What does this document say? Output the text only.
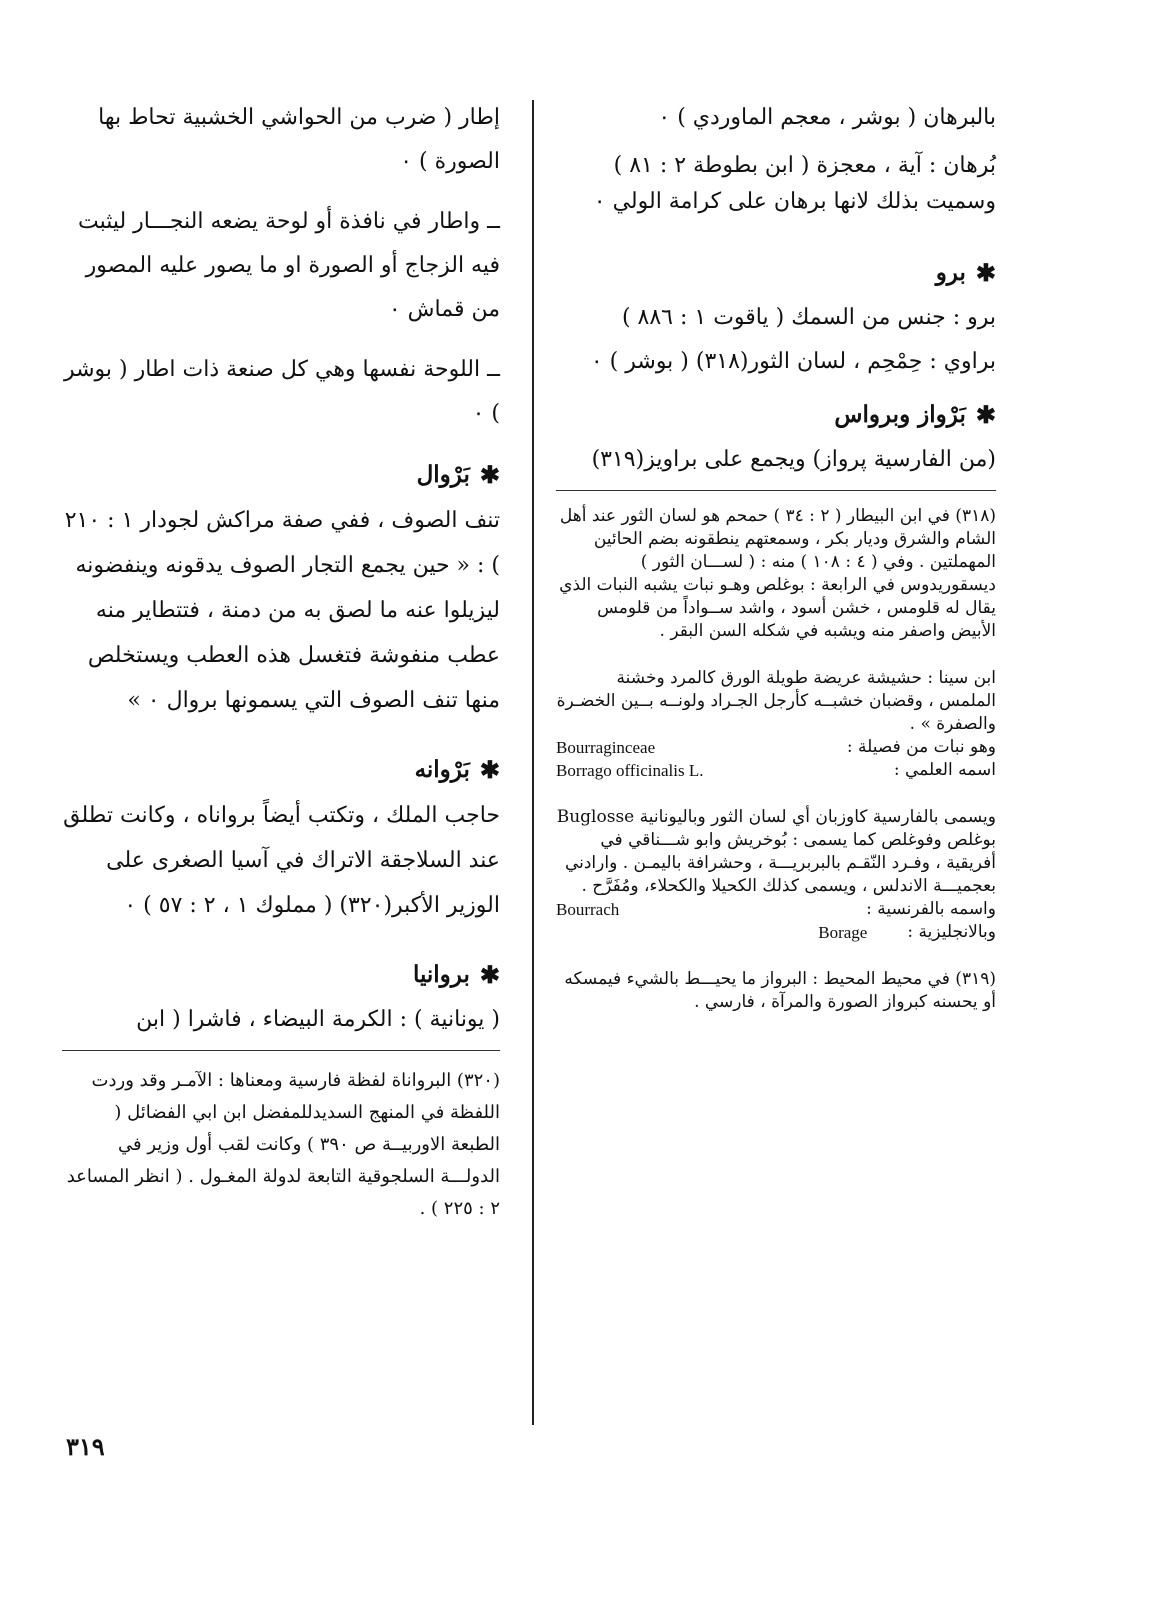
بالبرهان ( بوشر ، معجم الماوردي ) ٠

بُرهان : آية ، معجزة ( ابن بطوطة ٢ : ٨١ ) وسميت بذلك لانها برهان على كرامة الولي ٠

✱
برو

برو : جنس من السمك ( ياقوت ١ : ٨٨٦ )

براوي : حِمْحِم ، لسان الثور(٣١٨) ( بوشر ) ٠

✱
بَرْواز وبرواس

(من الفارسية پرواز) ويجمع على براويز(٣١٩)

(٣١٨) في ابن البيطار ( ٢ : ٣٤ ) حمحم هو لسان الثور عند أهل الشام والشرق وديار بكر ، وسمعتهم ينطقونه بضم الحائين المهملتين . وفي ( ٤ : ١٠٨ ) منه : ( لســـان الثور ) ديسقوريدوس في الرابعة : بوغلص وهـو نبات يشبه النبات الذي يقال له قلومس ، خشن أسود ، واشد ســواداً من قلومس الأبيض واصفر منه ويشبه في شكله السن البقر .

ابن سينا : حشيشة عريضة طويلة الورق كالمرد وخشنة الملمس ، وقضبان خشبــه كأرجل الجـراد ولونــه بــين الخضـرة والصفرة » .

وهو نبات من فصيلة :
Bourraginceae

اسمه العلمي :
Borrago officinalis L.

ويسمى بالفارسية كاوزبان أي لسان الثور وباليونانية Buglosse بوغلص وفوغلص كما يسمى : بُوخريش وابو شـــناقي في أفريقية ، وفـرد النّقـم بالبربريـــة ، وحشرافة باليمـن . وارادني بعجميـــة الاندلس ، ويسمى كذلك الكحيلا والكحلاء، ومُفَرَّح .

واسمه بالفرنسية :
Bourrach

وبالانجليزية :
Borage

(٣١٩) في محيط المحيط : البرواز ما يحيـــط بالشيء فيمسكه أو يحسنه كبرواز الصورة والمرآة ، فارسي .

إطار ( ضرب من الحواشي الخشبية تحاط بها الصورة ) ٠

ــ واطار في نافذة أو لوحة يضعه النجـــار ليثبت فيه الزجاج أو الصورة او ما يصور عليه المصور من قماش ٠

ــ اللوحة نفسها وهي كل صنعة ذات اطار ( بوشر ) ٠

✱
بَرْوال

تنف الصوف ، ففي صفة مراكش لجودار ١ : ٢١٠ ) : « حين يجمع التجار الصوف يدقونه وينفضونه ليزيلوا عنه ما لصق به من دمنة ، فتتطاير منه عطب منفوشة فتغسل هذه العطب ويستخلص منها تنف الصوف التي يسمونها بروال ٠ »

✱
بَرْوانه

حاجب الملك ، وتكتب أيضاً برواناه ، وكانت تطلق عند السلاجقة الاتراك في آسيا الصغرى على الوزير الأكبر(٣٢٠) ( مملوك ١ ، ٢ : ٥٧ ) ٠

✱
بروانيا

( يونانية ) : الكرمة البيضاء ، فاشرا ( ابن

(٣٢٠) البرواناة لفظة فارسية ومعناها : الآمـر وقد وردت اللفظة في المنهج السديدللمفضل ابن ابي الفضائل ( الطبعة الاوربيــة ص ٣٩٠ ) وكانت لقب أول وزير في الدولـــة السلجوقية التابعة لدولة المغـول . ( انظر المساعد ٢ : ٢٢٥ ) .

٣١٩
